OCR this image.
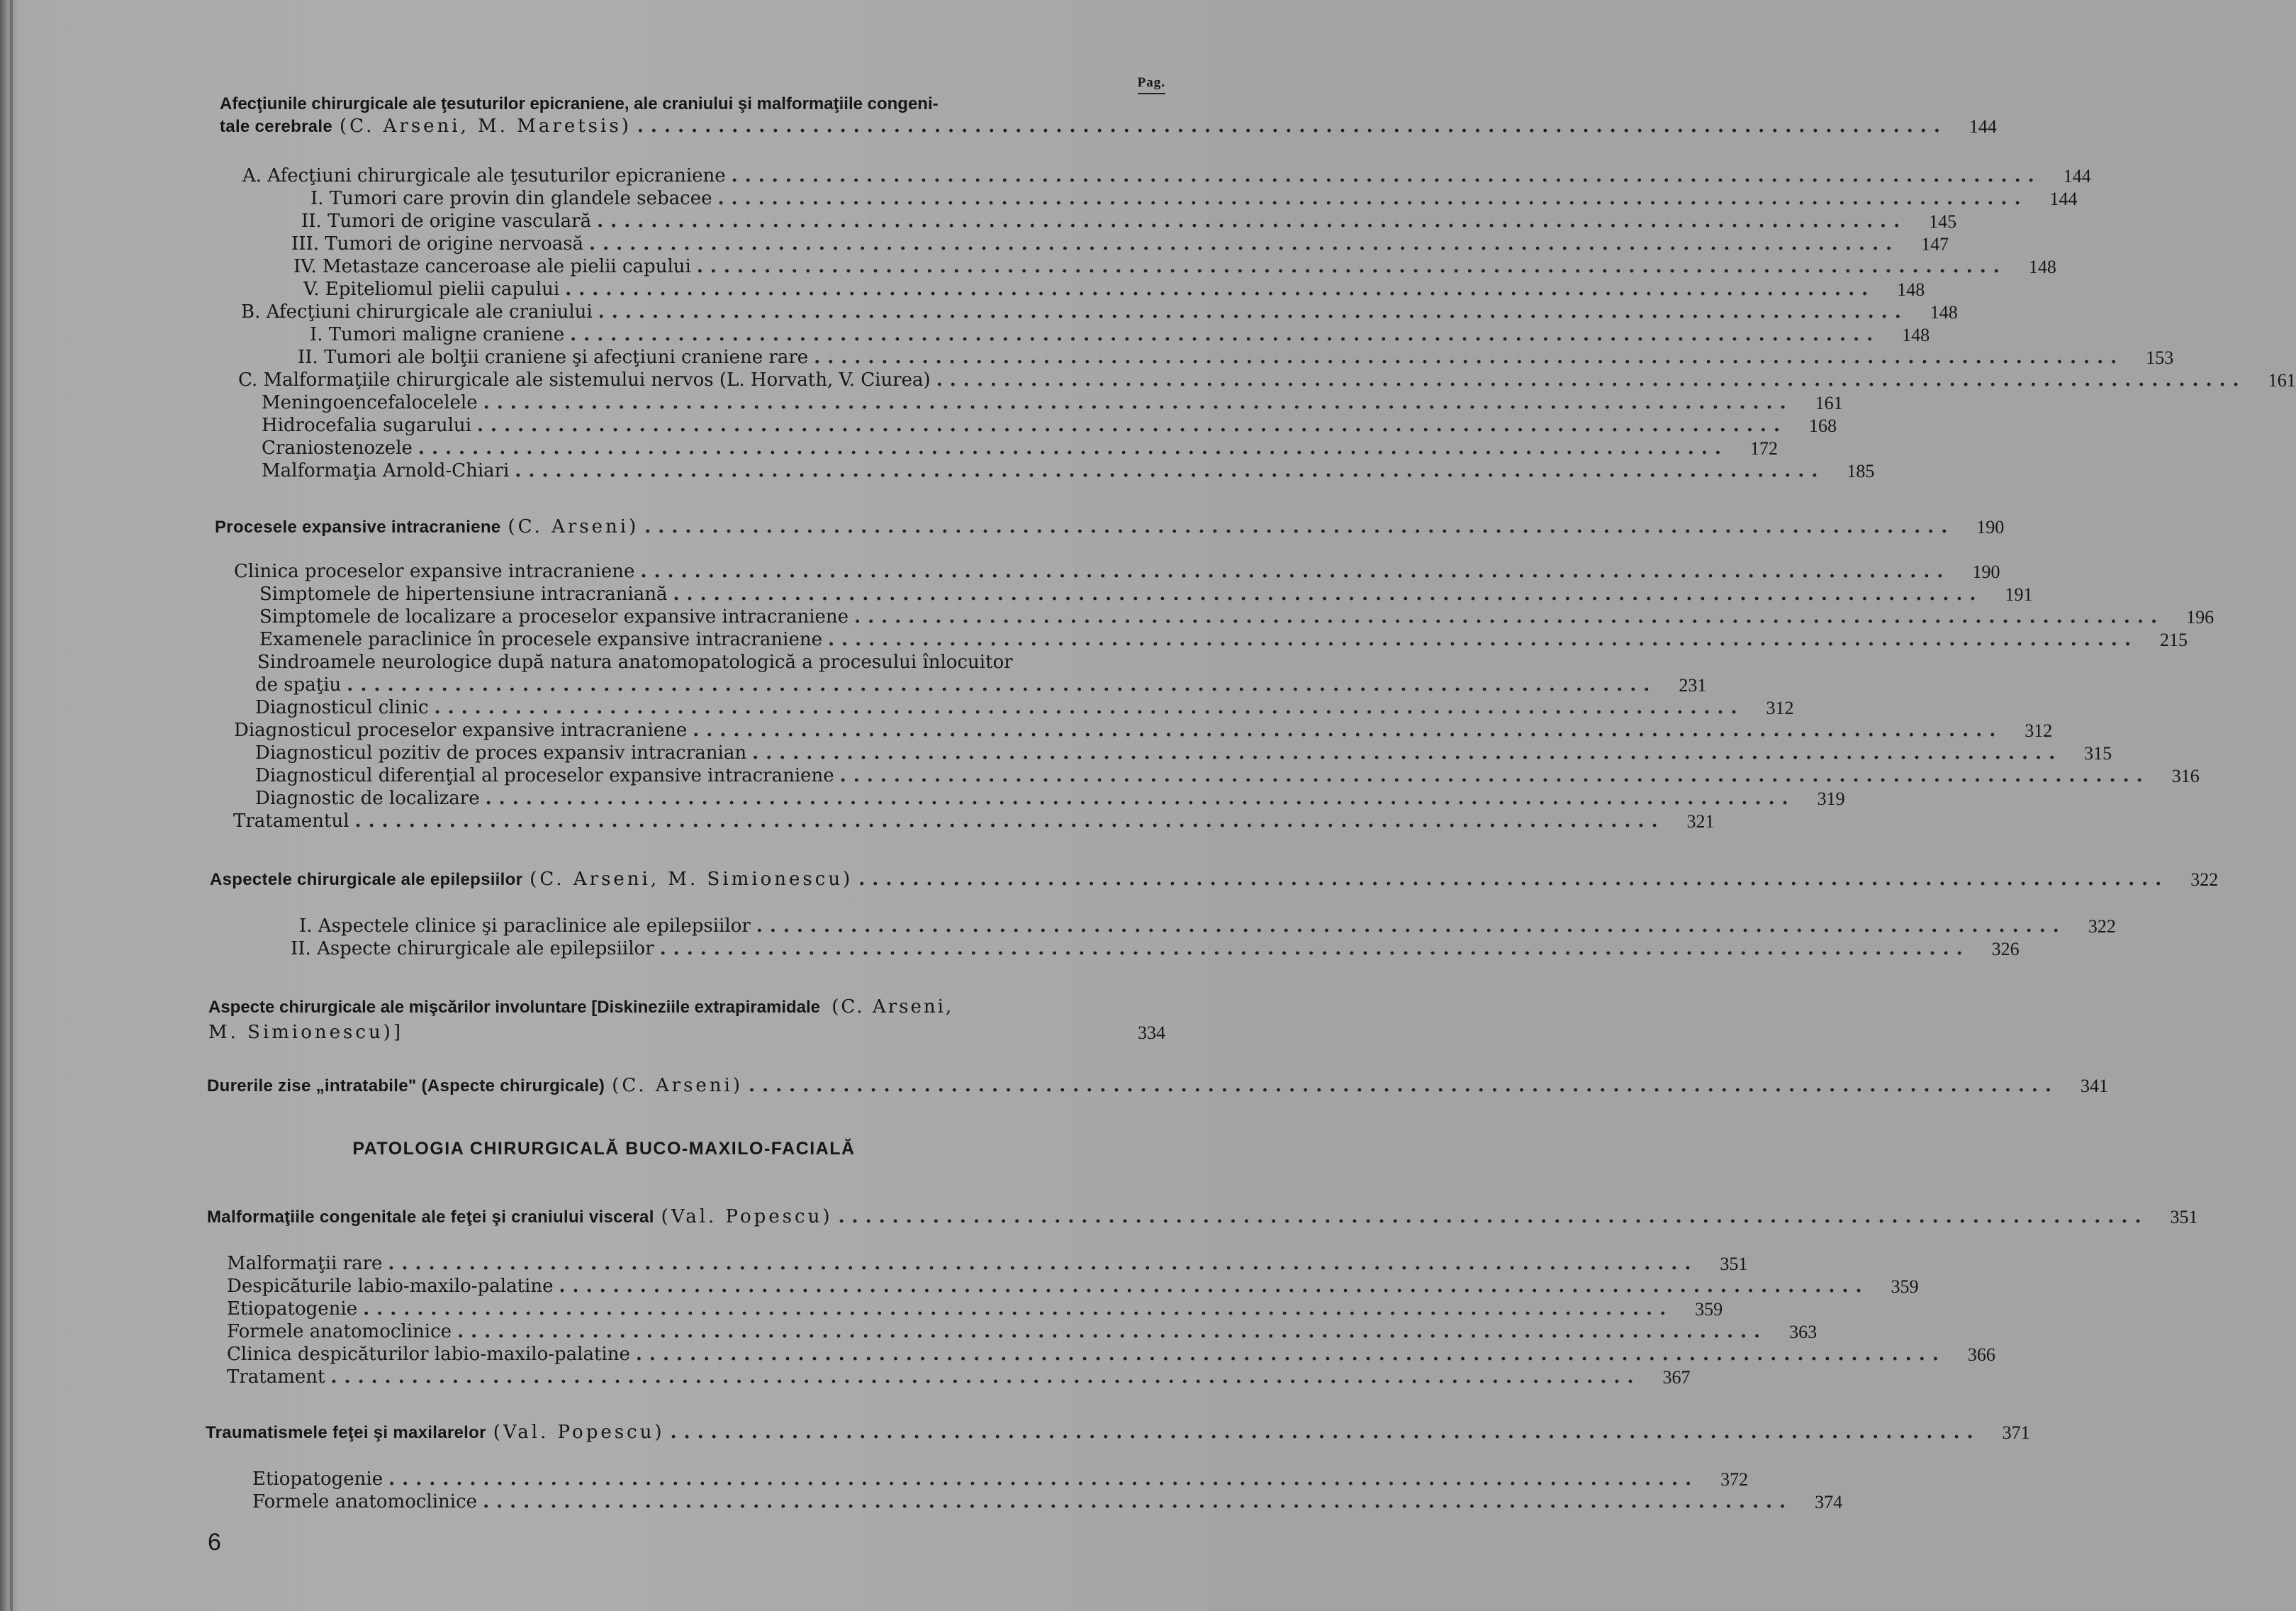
Pag.
Afecţiunile chirurgicale ale ţesuturilor epicraniene, ale craniului şi malformaţiile congeni-
tale cerebrale (C. Arseni, M. Maretsis) .................................................................................................	144
A. Afecţiuni chirurgicale ale ţesuturilor epicraniene .................................................................................................	144
I. Tumori care provin din glandele sebacee .................................................................................................	144
II. Tumori de origine vasculară .................................................................................................	145
III. Tumori de origine nervoasă .................................................................................................	147
IV. Metastaze canceroase ale pielii capului .................................................................................................	148
V. Epiteliomul pielii capului .................................................................................................	148
B. Afecţiuni chirurgicale ale craniului .................................................................................................	148
I. Tumori maligne craniene .................................................................................................	148
II. Tumori ale bolţii craniene şi afecţiuni craniene rare .................................................................................................	153
C. Malformaţiile chirurgicale ale sistemului nervos (L. Horvath, V. Ciurea) .................................................................................................	161
Meningoencefalocelele .................................................................................................	161
Hidrocefalia sugarului .................................................................................................	168
Craniostenozele .................................................................................................	172
Malformaţia Arnold-Chiari .................................................................................................	185
Procesele expansive intracraniene (C. Arseni) .................................................................................................	190
Clinica proceselor expansive intracraniene .................................................................................................	190
Simptomele de hipertensiune intracraniană .................................................................................................	191
Simptomele de localizare a proceselor expansive intracraniene .................................................................................................	196
Examenele paraclinice în procesele expansive intracraniene .................................................................................................	215
Sindroamele neurologice după natura anatomopatologică a procesului înlocuitor
de spaţiu .................................................................................................	231
Diagnosticul clinic .................................................................................................	312
Diagnosticul proceselor expansive intracraniene .................................................................................................	312
Diagnosticul pozitiv de proces expansiv intracranian .................................................................................................	315
Diagnosticul diferenţial al proceselor expansive intracraniene .................................................................................................	316
Diagnostic de localizare .................................................................................................	319
Tratamentul .................................................................................................	321
Aspectele chirurgicale ale epilepsiilor (C. Arseni, M. Simionescu) .................................................................................................	322
I. Aspectele clinice şi paraclinice ale epilepsiilor .................................................................................................	322
II. Aspecte chirurgicale ale epilepsiilor .................................................................................................	326
Aspecte chirurgicale ale mişcărilor involuntare [Diskineziile extrapiramidale (C. Arseni,
M. Simionescu)]	334
Durerile zise „intratabile" (Aspecte chirurgicale) (C. Arseni) .................................................................................................	341
PATOLOGIA CHIRURGICALĂ BUCO-MAXILO-FACIALĂ
Malformaţiile congenitale ale feţei şi craniului visceral (Val. Popescu) .................................................................................................	351
Malformaţii rare .................................................................................................	351
Despicăturile labio-maxilo-palatine .................................................................................................	359
Etiopatogenie .................................................................................................	359
Formele anatomoclinice .................................................................................................	363
Clinica despicăturilor labio-maxilo-palatine .................................................................................................	366
Tratament .................................................................................................	367
Traumatismele feţei şi maxilarelor (Val. Popescu) .................................................................................................	371
Etiopatogenie .................................................................................................	372
Formele anatomoclinice .................................................................................................	374
6
